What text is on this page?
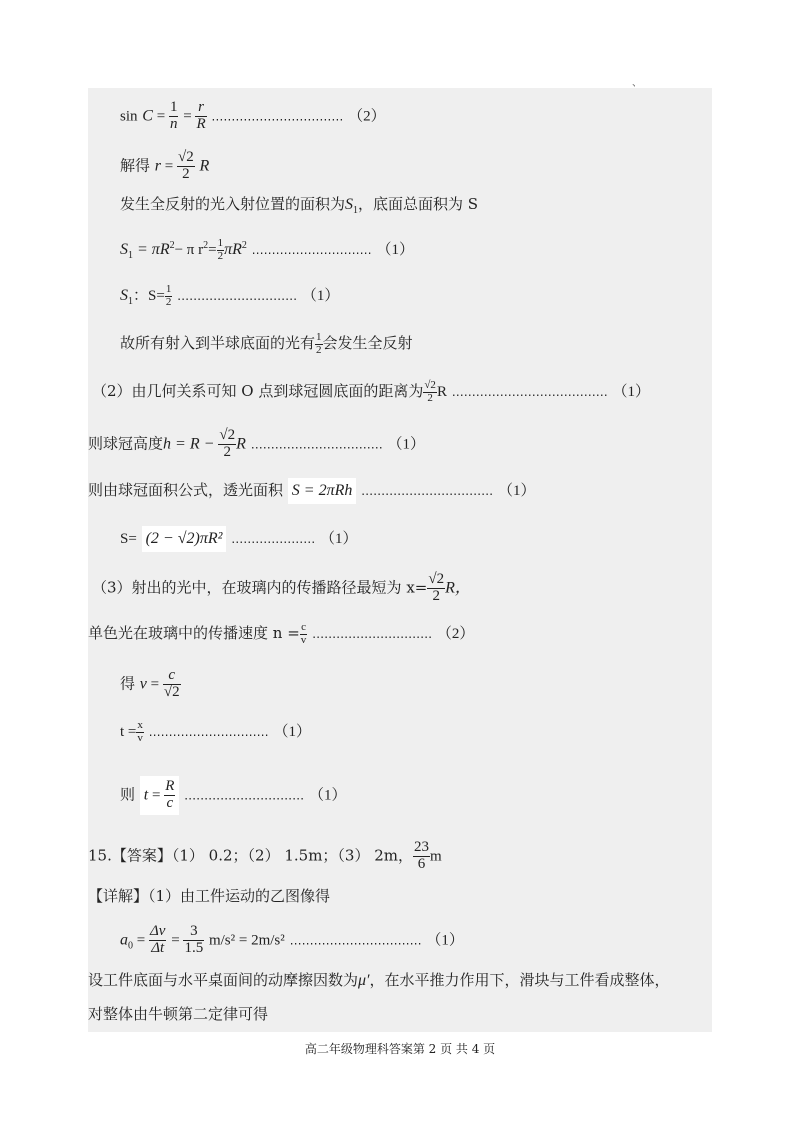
、
$\sin C = \frac{1}{n} = \frac{r}{R}$ …………………………… （2）
解得 $r = \frac{√2}{2}$ R
发生全反射的光入射位置的面积为$S_1$，底面总面积为 S
$S_1 = \pi R^2- \pi$ $r^2= \frac{1}{2} \pi R^2$ ………………………… （1）
$S_1$：$S= \frac{1}{2}$ ………………………… （1）
故所有射入到半球底面的光有 $\frac{1}{2}$ 会发生全反射
（2）由几何关系可知 O 点到球冠圆底面的距离为 $\frac{√2}{2}$ R ………………………………… （1）
则球冠高度$h = R - \frac{√2}{2}$ R …………………………… （1）
则由球冠面积公式，透光面积 S = 2πRh …………………………… （1）
S= (2 − √2)πR² ………………… （1）
（3）射出的光中，在玻璃内的传播路径最短为 $x= \frac{√2}{2}$ R，
单色光在玻璃中的传播速度 $n = \frac{c}{v}$ ………………………… （2）
得 $v = \frac{c}{√2}$
$t = \frac{x}{v}$ ………………………… （1）
则 $t = \frac{R}{c}$ ………………………… （1）
15.【答案】（1） 0.2；（2） 1.5m；（3） 2m， $\frac{23}{6}$ m
【详解】（1）由工件运动的乙图像得
$a_0 = \frac{\Delta v}{\Delta t} = \frac{3}{1.5} m/s^2 = 2m/s^2$ …………………………… （1）
设工件底面与水平桌面间的动摩擦因数为μ′，在水平推力作用下，滑块与工件看成整体，
对整体由牛顿第二定律可得
高二年级物理科答案第 2 页 共 4 页
